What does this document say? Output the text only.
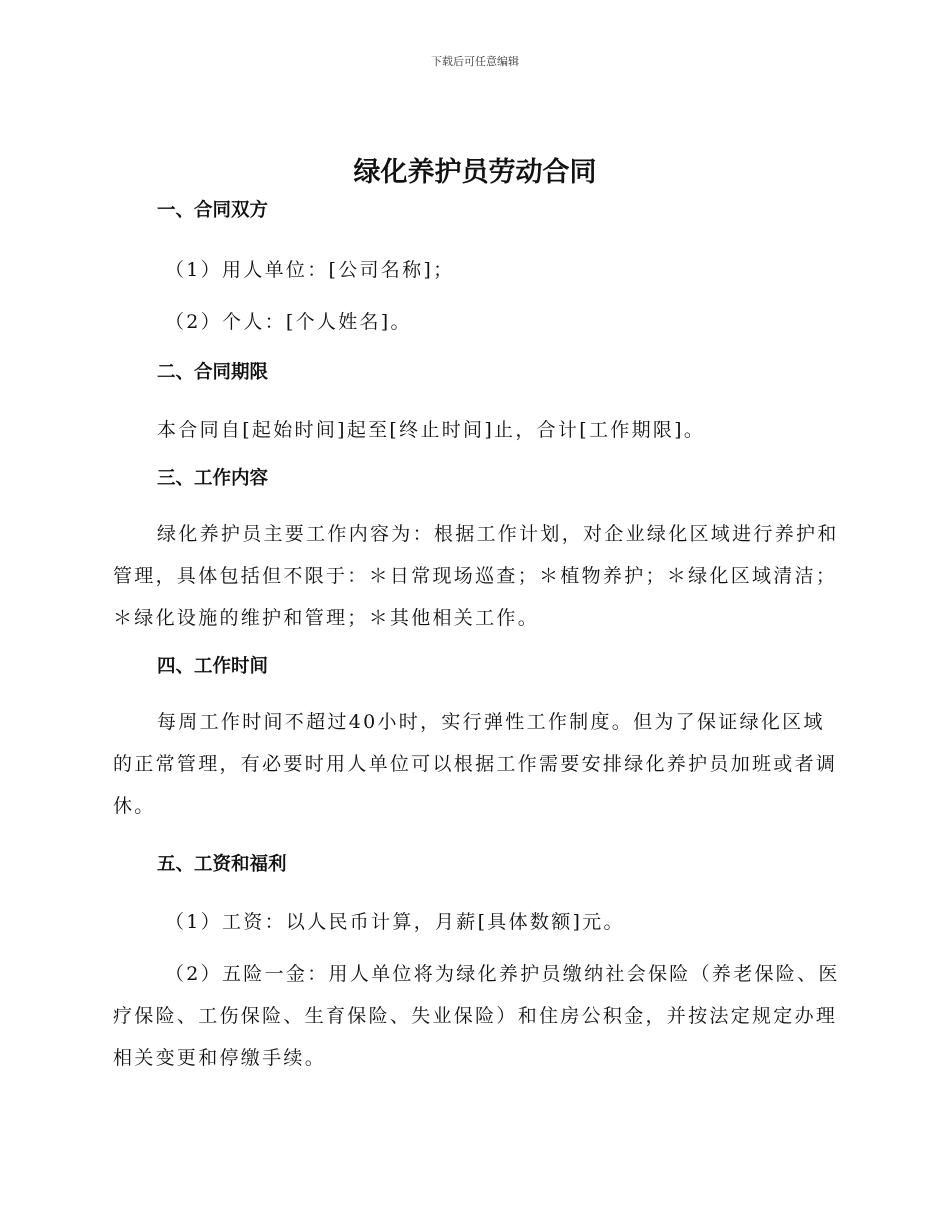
下载后可任意编辑
绿化养护员劳动合同

一、合同双方

（1）用人单位：[公司名称]；

（2）个人：[个人姓名]。

二、合同期限

本合同自[起始时间]起至[终止时间]止，合计[工作期限]。

三、工作内容

绿化养护员主要工作内容为：根据工作计划，对企业绿化区域进行养护和管理，具体包括但不限于：＊日常现场巡查；＊植物养护；＊绿化区域清洁；＊绿化设施的维护和管理；＊其他相关工作。

四、工作时间

每周工作时间不超过40小时，实行弹性工作制度。但为了保证绿化区域的正常管理，有必要时用人单位可以根据工作需要安排绿化养护员加班或者调休。

五、工资和福利

（1）工资：以人民币计算，月薪[具体数额]元。

（2）五险一金：用人单位将为绿化养护员缴纳社会保险（养老保险、医疗保险、工伤保险、生育保险、失业保险）和住房公积金，并按法定规定办理相关变更和停缴手续。
